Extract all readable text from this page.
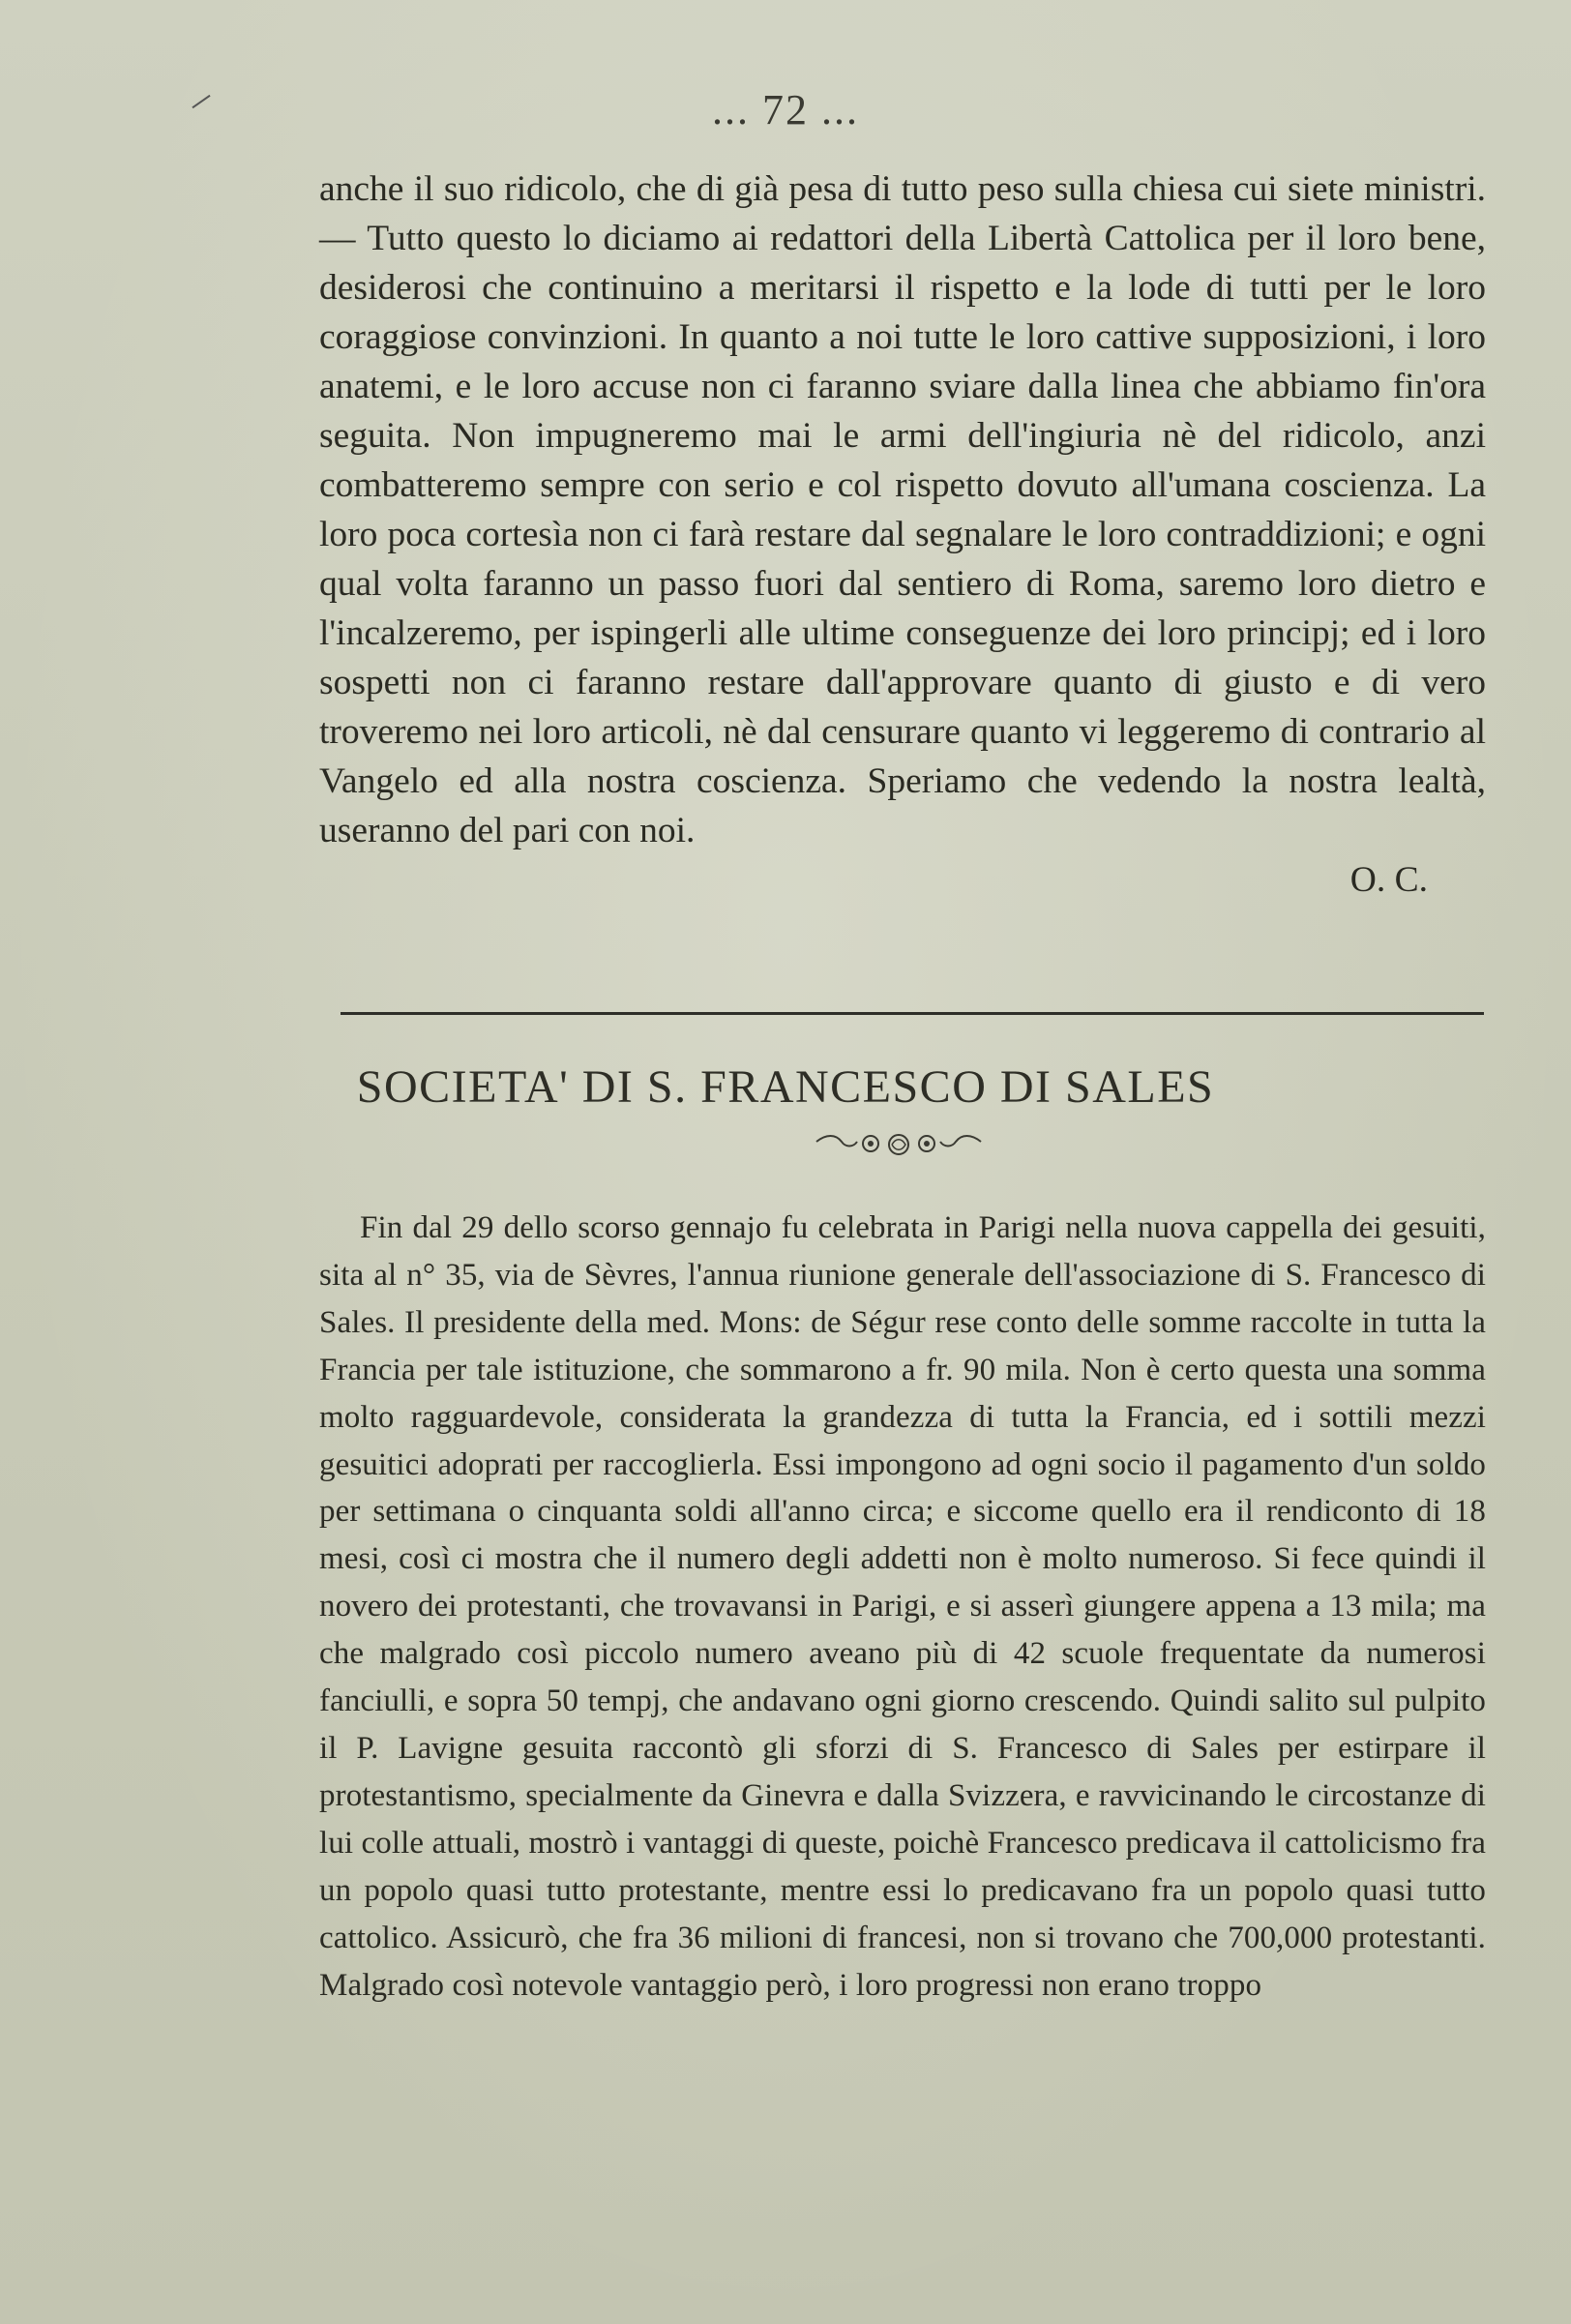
... 72 ...

anche il suo ridicolo, che di già pesa di tutto peso sulla chiesa cui siete ministri. — Tutto questo lo diciamo ai redattori della Libertà Cattolica per il loro bene, desiderosi che continuino a meritarsi il rispetto e la lode di tutti per le loro coraggiose convinzioni. In quanto a noi tutte le loro cattive supposizioni, i loro anatemi, e le loro accuse non ci faranno sviare dalla linea che abbiamo fin'ora seguita. Non impugneremo mai le armi dell'ingiuria nè del ridicolo, anzi combatteremo sempre con serio e col rispetto dovuto all'umana coscienza. La loro poca cortesìa non ci farà restare dal segnalare le loro contraddizioni; e ogni qual volta faranno un passo fuori dal sentiero di Roma, saremo loro dietro e l'incalzeremo, per ispingerli alle ultime conseguenze dei loro principj; ed i loro sospetti non ci faranno restare dall'approvare quanto di giusto e di vero troveremo nei loro articoli, nè dal censurare quanto vi leggeremo di contrario al Vangelo ed alla nostra coscienza. Speriamo che vedendo la nostra lealtà, useranno del pari con noi.

O. C.
SOCIETA' DI S. FRANCESCO DI SALES

Fin dal 29 dello scorso gennajo fu celebrata in Parigi nella nuova cappella dei gesuiti, sita al n° 35, via de Sèvres, l'annua riunione generale dell'associazione di S. Francesco di Sales. Il presidente della med. Mons: de Ségur rese conto delle somme raccolte in tutta la Francia per tale istituzione, che sommarono a fr. 90 mila. Non è certo questa una somma molto ragguardevole, considerata la grandezza di tutta la Francia, ed i sottili mezzi gesuitici adoprati per raccoglierla. Essi impongono ad ogni socio il pagamento d'un soldo per settimana o cinquanta soldi all'anno circa; e siccome quello era il rendiconto di 18 mesi, così ci mostra che il numero degli addetti non è molto numeroso. Si fece quindi il novero dei protestanti, che trovavansi in Parigi, e si asserì giungere appena a 13 mila; ma che malgrado così piccolo numero aveano più di 42 scuole frequentate da numerosi fanciulli, e sopra 50 tempj, che andavano ogni giorno crescendo. Quindi salito sul pulpito il P. Lavigne gesuita raccontò gli sforzi di S. Francesco di Sales per estirpare il protestantismo, specialmente da Ginevra e dalla Svizzera, e ravvicinando le circostanze di lui colle attuali, mostrò i vantaggi di queste, poichè Francesco predicava il cattolicismo fra un popolo quasi tutto protestante, mentre essi lo predicavano fra un popolo quasi tutto cattolico. Assicurò, che fra 36 milioni di francesi, non si trovano che 700,000 protestanti. Malgrado così notevole vantaggio però, i loro progressi non erano troppo
